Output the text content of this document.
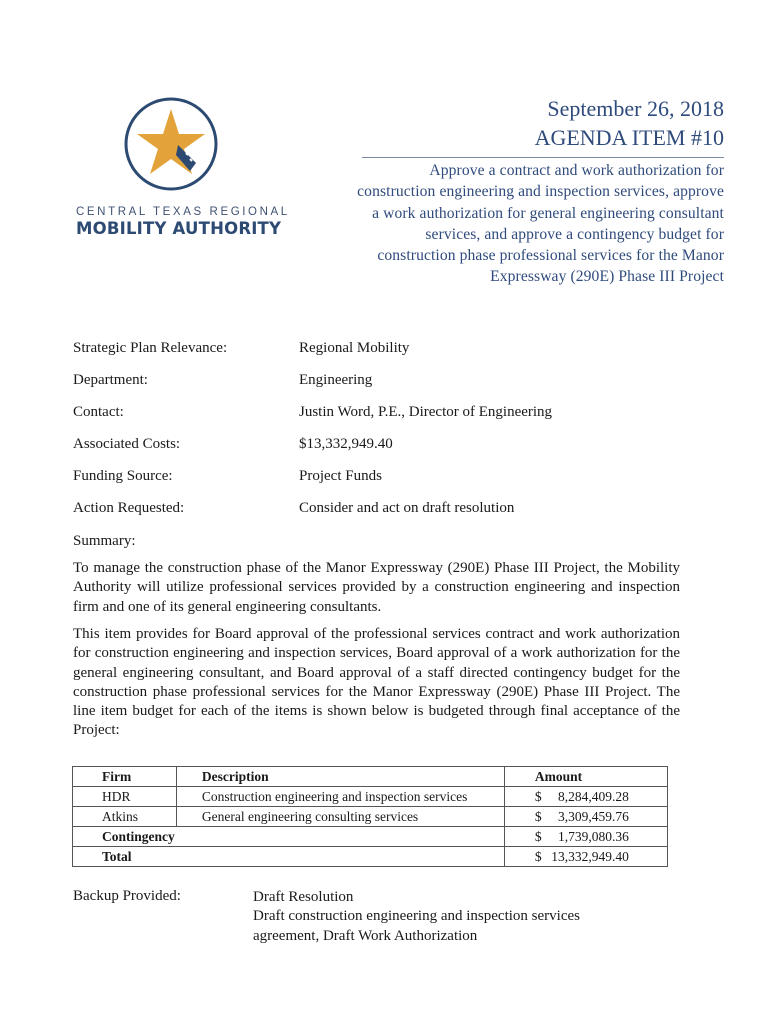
CENTRAL TEXAS REGIONAL
MOBILITY AUTHORITY
September 26, 2018
AGENDA ITEM #10
Approve a contract and work authorization for construction engineering and inspection services, approve a work authorization for general engineering consultant services, and approve a contingency budget for construction phase professional services for the Manor Expressway (290E) Phase III Project
Strategic Plan Relevance:	Regional Mobility
Department:	Engineering
Contact:	Justin Word, P.E., Director of Engineering
Associated Costs:	$13,332,949.40
Funding Source:	Project Funds
Action Requested:	Consider and act on draft resolution
Summary:
To manage the construction phase of the Manor Expressway (290E) Phase III Project, the Mobility Authority will utilize professional services provided by a construction engineering and inspection firm and one of its general engineering consultants.
This item provides for Board approval of the professional services contract and work authorization for construction engineering and inspection services, Board approval of a work authorization for the general engineering consultant, and Board approval of a staff directed contingency budget for the construction phase professional services for the Manor Expressway (290E) Phase III Project. The line item budget for each of the items is shown below is budgeted through final acceptance of the Project:
Firm	Description	Amount
HDR	Construction engineering and inspection services	$ 8,284,409.28
Atkins	General engineering consulting services	$ 3,309,459.76
Contingency		$ 1,739,080.36
Total		$ 13,332,949.40
Backup Provided:	Draft Resolution
Draft construction engineering and inspection services agreement, Draft Work Authorization
